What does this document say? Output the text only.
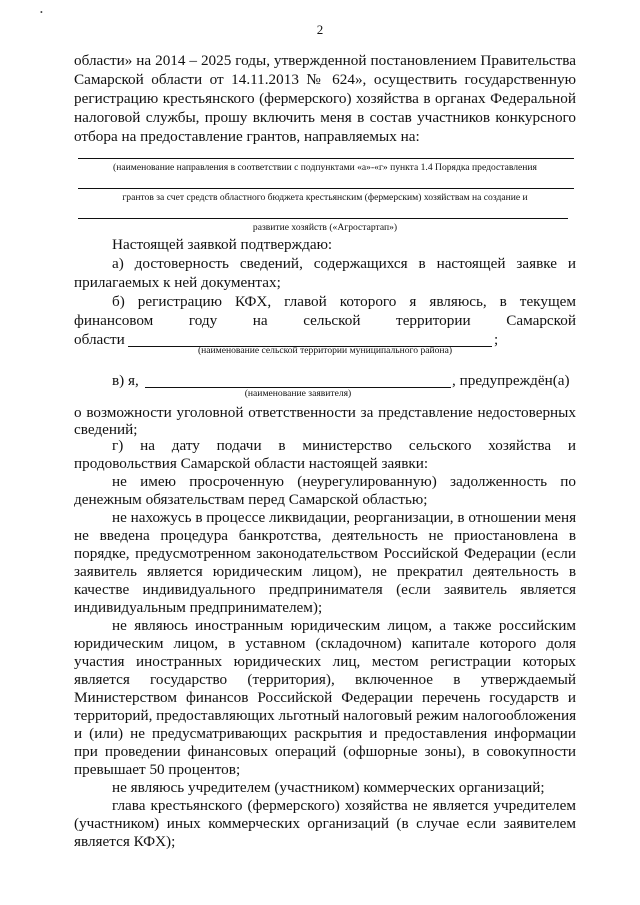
•
2
области» на 2014 – 2025 годы, утвержденной постановлением Правительства
Самарской области от 14.11.2013 № 624», осуществить государственную
регистрацию крестьянского (фермерского) хозяйства в органах Федеральной
налоговой службы, прошу включить меня в состав участников конкурсного
отбора на предоставление грантов, направляемых на:
(наименование направления в соответствии с подпунктами «а»-«г» пункта 1.4 Порядка предоставления
грантов за счет средств областного бюджета крестьянским (фермерским) хозяйствам на создание и
развитие хозяйств («Агростартап»)
Настоящей заявкой подтверждаю:
а) достоверность сведений, содержащихся в настоящей заявке и
прилагаемых к ней документах;
б) регистрацию КФХ, главой которого я являюсь, в текущем
финансовом году на сельской территории Самарской
области	;
(наименование сельской территории муниципального района)
в) я,	, предупреждён(а)
(наименование заявителя)
о возможности уголовной ответственности за представление недостоверных
сведений;
г) на дату подачи в министерство сельского хозяйства и
продовольствия Самарской области настоящей заявки:
не имею просроченную (неурегулированную) задолженность по
денежным обязательствам перед Самарской областью;
не нахожусь в процессе ликвидации, реорганизации, в отношении меня
не введена процедура банкротства, деятельность не приостановлена в
порядке, предусмотренном законодательством Российской Федерации (если
заявитель является юридическим лицом), не прекратил деятельность в
качестве индивидуального предпринимателя (если заявитель является
индивидуальным предпринимателем);
не являюсь иностранным юридическим лицом, а также российским
юридическим лицом, в уставном (складочном) капитале которого доля
участия иностранных юридических лиц, местом регистрации которых
является государство (территория), включенное в утверждаемый
Министерством финансов Российской Федерации перечень государств и
территорий, предоставляющих льготный налоговый режим налогообложения
и (или) не предусматривающих раскрытия и предоставления информации
при проведении финансовых операций (офшорные зоны), в совокупности
превышает 50 процентов;
не являюсь учредителем (участником) коммерческих организаций;
глава крестьянского (фермерского) хозяйства не является учредителем
(участником) иных коммерческих организаций (в случае если заявителем
является КФХ);
